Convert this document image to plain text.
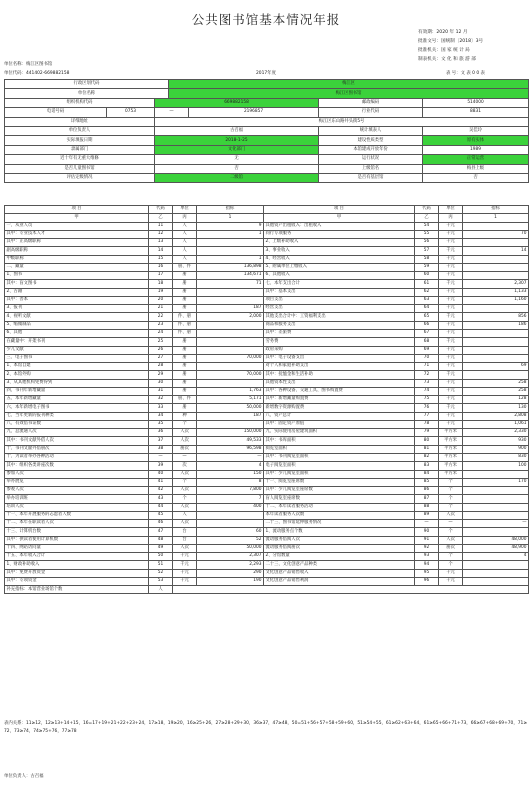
公共图书馆基本情况年报
有效期：2020 年 12 月
批准文号：国统制〔2018〕3号
批准机关：国 家 统 计 局
制表机关：文 化 和 旅 游 部
单位名称：梅江区图书馆
单位代码：441402-669882158	2017年度	表 号：文 表 0 0 表
行政区划代码			梅江区			
单位名称			梅江区图书馆			
组织机构代码		669882158			邮政编码	514000
电话号码	0753	—		2196857	行业代码	8831
详细地址		梅江区东山路井头街5号				
单位负责人		古召福			统计填表人	吴佳玲
实际填报日期		2018-1-25			建设性质类型	原有实体
隶属部门		文化部门			本馆建成开放年份	1989
近十年有无重大维修		无			运行状况	正常运营
是否儿童图书馆		否			上级馆名	梅县上级
评估定级情况		二级馆			是否有基层馆	否
项 目	代码	单位	指标	项 目	代码	单位	指标
甲	乙	丙	1	甲	乙	丙	1
一、从业人员	11	人	9	其他资产出租收入：出租收入	54	千元	
其中：专业技术人才	12	人	1	同行专项服务	55	千元	70
其中：正高级职称	13	人		2、上级补助收入	56	千元	
副高级职称	14	人		3、事业收入	57	千元	14
中级职称	15	人	1	4、经营收入	58	千元	
二、藏量	16	册、件	136,898	5、附属单位上缴收入	59	千元	
1、图书	17	册	134,671	6、其他收入	60	千元	
其中：盲文图书	18	册	71	七、本年支出合计	61	千元	2,307
2、古籍	19	册		其中：基本支出	62	千元	1,133
其中：善本	20	册		项目支出	63	千元	1,160
3、报刊	21	册	187	经营支出	64	千元	
4、视听文献	22	件、册	2,000	其他支出合计中：工资福利支出	65	千元	856
5、缩微制品	23	件、册		商品和服务支出	66	千元	186
6、其他	24	件、册		其中：差旅费	67	千元	
在藏量中：开架书刊	25	册		劳务费	68	千元	
少儿文献	26	册		政府采购	69	千元	
三、电子图书	27	册	70,000	其中：电子设备支出	70	千元	
1、本馆自建	28	册		对个人和家庭补助支出	71	千元	69
2、本馆外购	29	册	70,000	其中：抚恤金和生活补助	72	千元	
3、从其他机构免费得到	30	册		其他资本性支出	73	千元	258
四、书刊年新增藏量	31	册	1,763	其中：各种设备、交通工具、图书购置费	74	千元	258
五、本年新增藏量	32	册、件	5,171	其中：新增藏量购置费	75	千元	128
六、本年新增电子图书	33	册	50,000	新增数字资源购置费	76	千元	130
七、当年更新的报刊种类	34	种	187	八、资产总计	77	千元	2,808
八、有效借书证数	35	个		其中：固定资产原值	78	千元	1,061
九、总流通人次	36	人次	150,000	九、实际使用房屋建筑面积	79	平方米	2,330
其中：书刊文献外借人次	37	人次	49,533	其中：书库面积	80	平方米	930
十、书刊文献外借册次	38	册次	96,598	阅览室面积	81	平方米	900
十、为读者举办各种活动	—	—	—	其中：书刊阅览室面积	82	平方米	830
其中：组织各类讲座次数	39	次	4	电子阅览室面积	83	平方米	100
参加人次	40	人次	150	其中：少儿阅览室面积	84	平方米	
举办展览	41	个	8	十一、阅览室座席数	85	个	170
参观人次	42	人次	7,800	其中：少儿阅览室座席数	86	个	
举办培训班	43	个	7	盲人阅览室座席数	87	个	
培训人次	44	人次	400	十二、本年读者服务活动	88	个	
十一、本年开展服务的志愿者人数	45	人		本年读者服务人次数	89	人次	
十二、本年在职读者人次	46	人次		二十三、图书馆延伸服务情况	—	—	—
十三、计算机台数	47	台	60	1、流动服务点个数	90	个	
其中：供读者使用计算机数	48	台	52	流动服务借阅人次	91	人次	48,000
十四、网站访问量	49	人次	50,000	流动服务借阅册次	92	册次	48,900
十五、本年收入合计	50	千元	2,307	2、分馆数量	93	个	4
1、财政补助收入	51	千元	2,293	二十三、文化创意产品种类	94	个	
其中：免费开放资金	52	千元	290	文化创意产品销售收入	95	千元	
其中：专项资金	53	千元	190	文化创意产品销售利润	96	千元	
补充指标：本馆营业场馆个数	人						
表内关系：11≥12，12≥13+14+15，16=17+19+21+22+23+24，17≥18，19≥20，16≥25+26，27≥28+29+30，36≥37，47≥48，50=51+56+57+58+59+60，51≥54+55，61≥62+63+64，61≥65+66+71+73，66≥67+68+69+70，71≥72，73≥74，74≥75+76，77≥78
单位负责人：古召福
